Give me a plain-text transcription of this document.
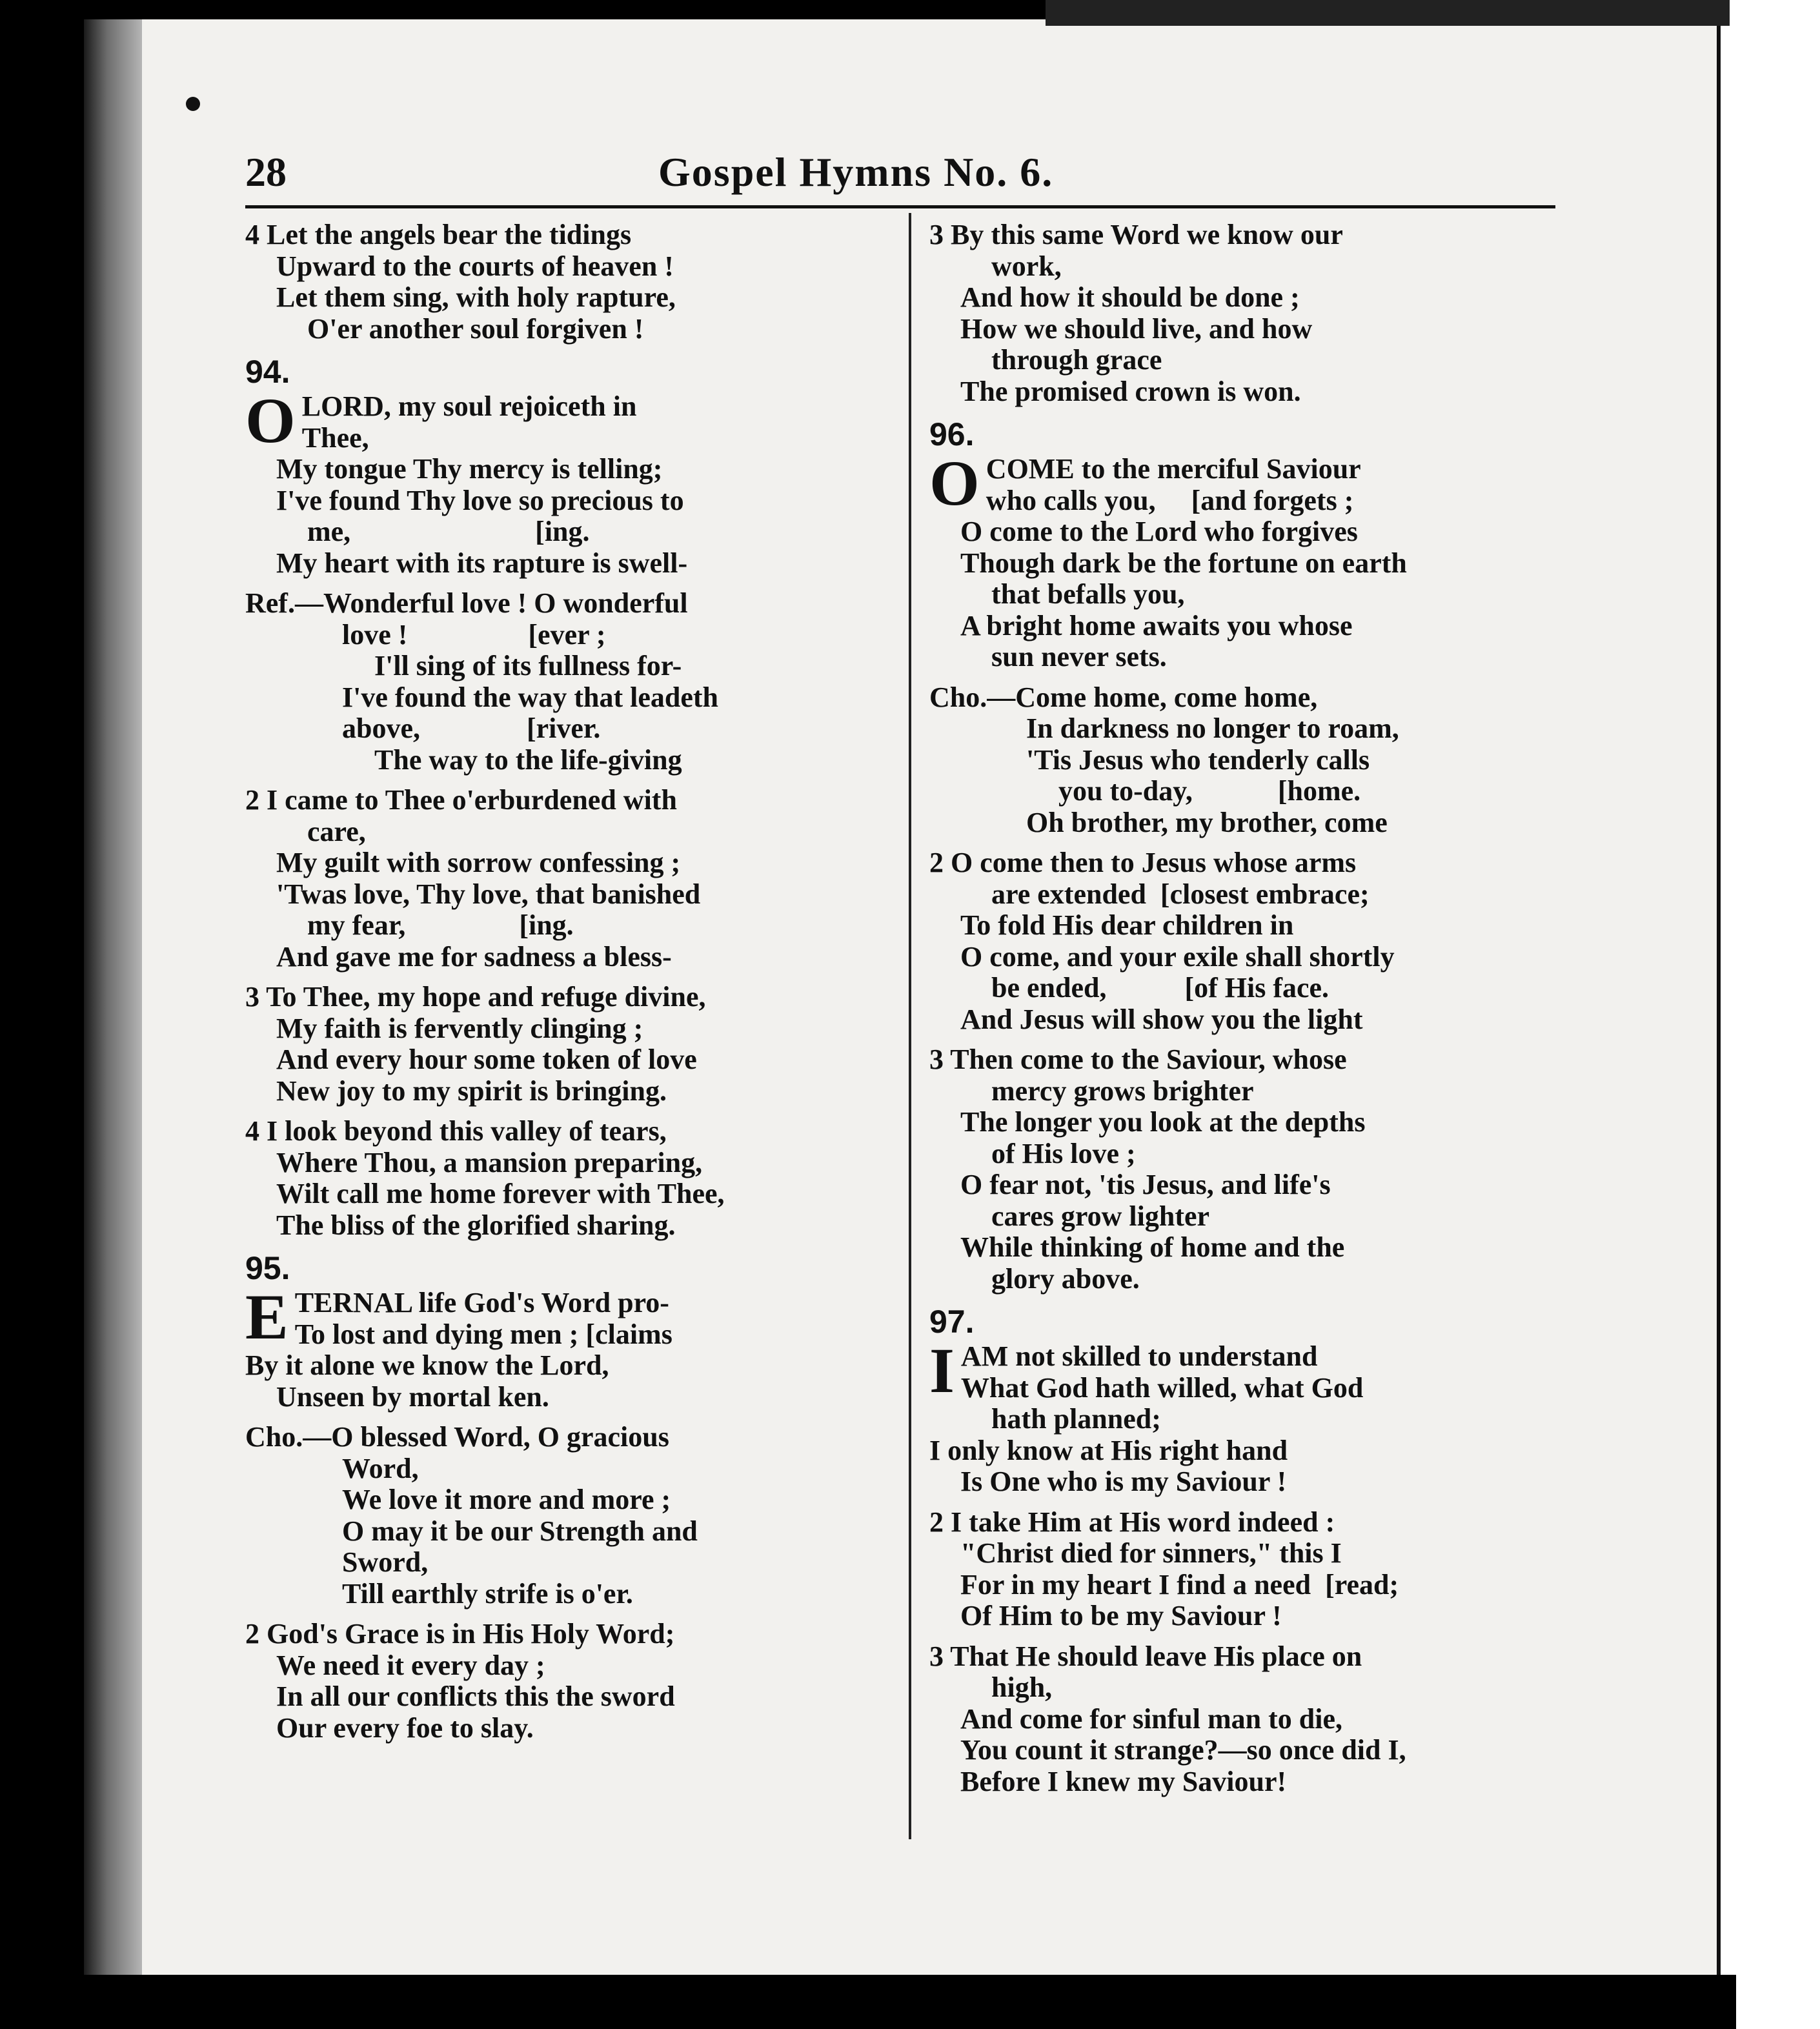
28	Gospel Hymns No. 6.
4 Let the angels bear the tidings
Upward to the courts of heaven !
Let them sing, with holy rapture,
O'er another soul forgiven !
94.
O LORD, my soul rejoiceth in
Thee,
My tongue Thy mercy is telling;
I've found Thy love so precious to
me,                          [ing.
My heart with its rapture is swell-
Ref.—Wonderful love ! O wonderful
love !                 [ever ;
I'll sing of its fullness for-
I've found the way that leadeth
above,               [river.
The way to the life-giving
2 I came to Thee o'erburdened with
care,
My guilt with sorrow confessing ;
'Twas love, Thy love, that banished
my fear,                [ing.
And gave me for sadness a bless-
3 To Thee, my hope and refuge divine,
My faith is fervently clinging ;
And every hour some token of love
New joy to my spirit is bringing.
4 I look beyond this valley of tears,
Where Thou, a mansion preparing,
Wilt call me home forever with Thee,
The bliss of the glorified sharing.
95.
E TERNAL life God's Word pro-
To lost and dying men ; [claims
By it alone we know the Lord,
Unseen by mortal ken.
Cho.—O blessed Word, O gracious
Word,
We love it more and more ;
O may it be our Strength and
Sword,
Till earthly strife is o'er.
2 God's Grace is in His Holy Word;
We need it every day ;
In all our conflicts this the sword
Our every foe to slay.
3 By this same Word we know our
work,
And how it should be done ;
How we should live, and how
through grace
The promised crown is won.
96.
O COME to the merciful Saviour
who calls you,     [and forgets ;
O come to the Lord who forgives
Though dark be the fortune on earth
that befalls you,
A bright home awaits you whose
sun never sets.
Cho.—Come home, come home,
In darkness no longer to roam,
'Tis Jesus who tenderly calls
you to-day,            [home.
Oh brother, my brother, come
2 O come then to Jesus whose arms
are extended  [closest embrace;
To fold His dear children in
O come, and your exile shall shortly
be ended,           [of His face.
And Jesus will show you the light
3 Then come to the Saviour, whose
mercy grows brighter
The longer you look at the depths
of His love ;
O fear not, 'tis Jesus, and life's
cares grow lighter
While thinking of home and the
glory above.
97.
I AM not skilled to understand
What God hath willed, what God
hath planned;
I only know at His right hand
Is One who is my Saviour !
2 I take Him at His word indeed :
"Christ died for sinners," this I
For in my heart I find a need  [read;
Of Him to be my Saviour !
3 That He should leave His place on
high,
And come for sinful man to die,
You count it strange?—so once did I,
Before I knew my Saviour!
